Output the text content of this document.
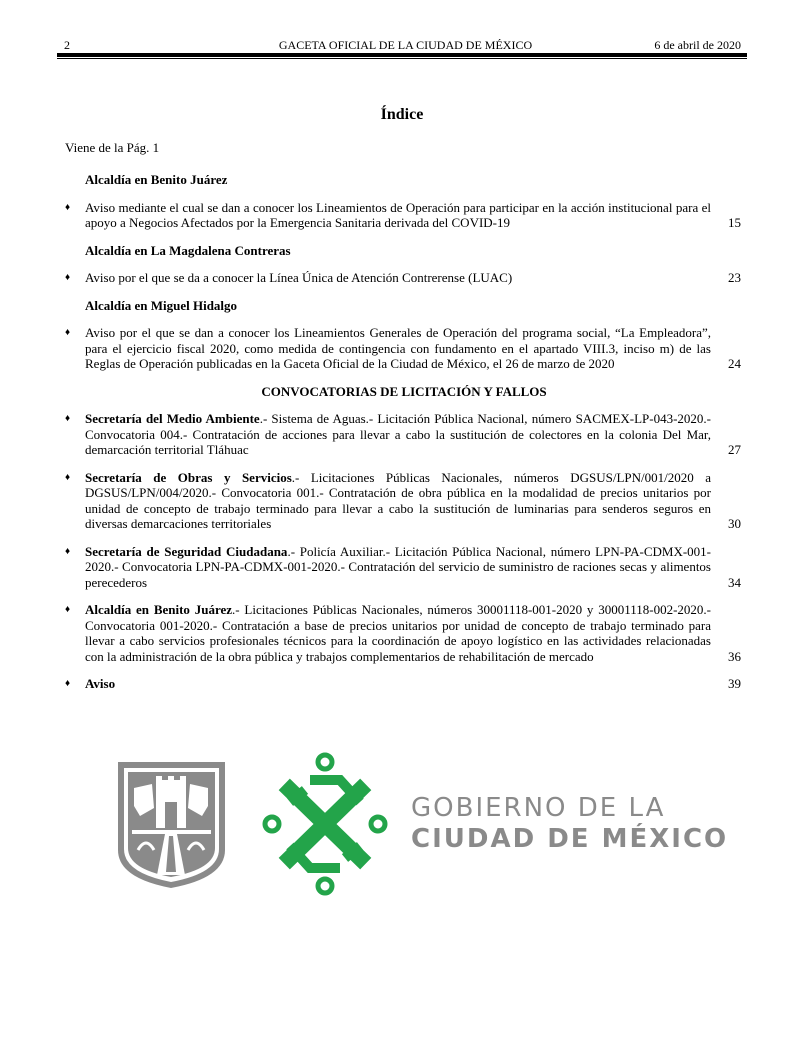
2	GACETA OFICIAL DE LA CIUDAD DE MÉXICO	6 de abril de 2020
Índice
Viene de la Pág. 1
Alcaldía en Benito Juárez
♦ Aviso mediante el cual se dan a conocer los Lineamientos de Operación para participar en la acción institucional para el apoyo a Negocios Afectados por la Emergencia Sanitaria derivada del COVID-19	15
Alcaldía en La Magdalena Contreras
♦ Aviso por el que se da a conocer la Línea Única de Atención Contrerense (LUAC)	23
Alcaldía en Miguel Hidalgo
♦ Aviso por el que se dan a conocer los Lineamientos Generales de Operación del programa social, “La Empleadora”, para el ejercicio fiscal 2020, como medida de contingencia con fundamento en el apartado VIII.3, inciso m) de las Reglas de Operación publicadas en la Gaceta Oficial de la Ciudad de México, el 26 de marzo de 2020	24
CONVOCATORIAS DE LICITACIÓN Y FALLOS
♦ Secretaría del Medio Ambiente.- Sistema de Aguas.- Licitación Pública Nacional, número SACMEX-LP-043-2020.- Convocatoria 004.- Contratación de acciones para llevar a cabo la sustitución de colectores en la colonia Del Mar, demarcación territorial Tláhuac	27
♦ Secretaría de Obras y Servicios.- Licitaciones Públicas Nacionales, números DGSUS/LPN/001/2020 a DGSUS/LPN/004/2020.- Convocatoria 001.- Contratación de obra pública en la modalidad de precios unitarios por unidad de concepto de trabajo terminado para llevar a cabo la sustitución de luminarias para senderos seguros en diversas demarcaciones territoriales	30
♦ Secretaría de Seguridad Ciudadana.- Policía Auxiliar.- Licitación Pública Nacional, número LPN-PA-CDMX-001-2020.- Convocatoria LPN-PA-CDMX-001-2020.- Contratación del servicio de suministro de raciones secas y alimentos perecederos	34
♦ Alcaldía en Benito Juárez.- Licitaciones Públicas Nacionales, números 30001118-001-2020 y 30001118-002-2020.- Convocatoria 001-2020.- Contratación a base de precios unitarios por unidad de concepto de trabajo terminado para llevar a cabo servicios profesionales técnicos para la coordinación de apoyo logístico en las actividades relacionadas con la administración de la obra pública y trabajos complementarios de rehabilitación de mercado	36
♦ Aviso	39
GOBIERNO DE LA
CIUDAD DE MÉXICO
